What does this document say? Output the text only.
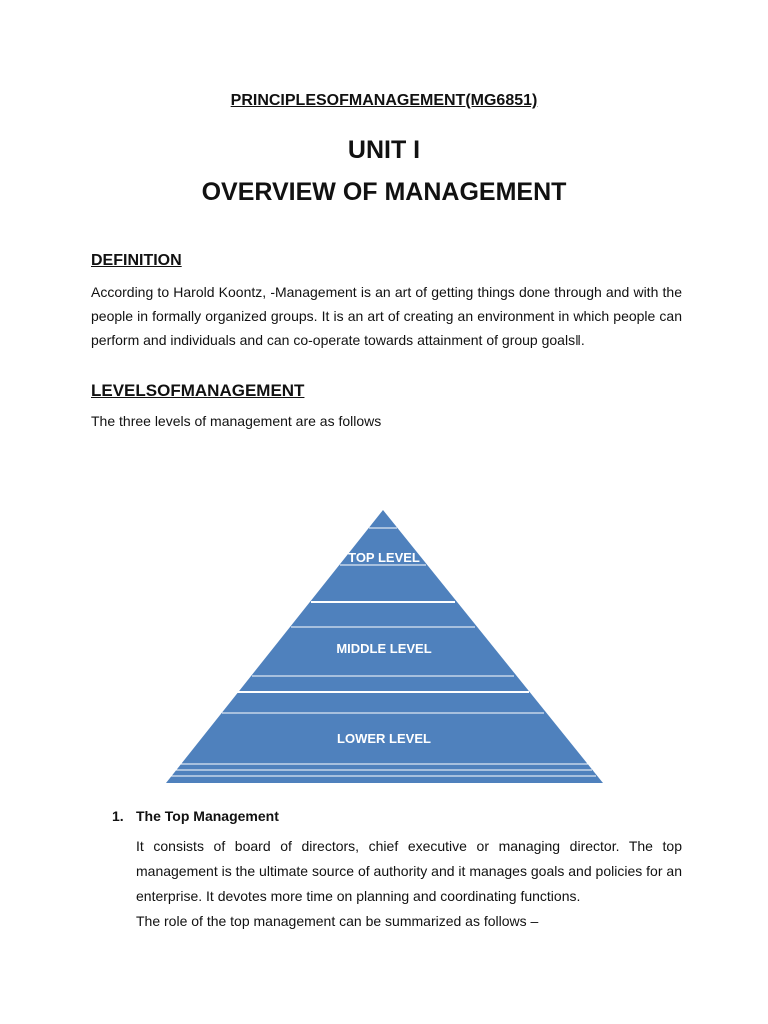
PRINCIPLESOFMANAGEMENT(MG6851)
UNIT I
OVERVIEW OF MANAGEMENT
DEFINITION
According to Harold Koontz, -Management is an art of getting things done through and with the people in formally organized groups. It is an art of creating an environment in which people can perform and individuals and can co-operate towards attainment of group goals‖.
LEVELSOFMANAGEMENT
The three levels of management are as follows
TOP LEVEL
MIDDLE LEVEL
LOWER LEVEL
1. The Top Management
It consists of board of directors, chief executive or managing director. The top management is the ultimate source of authority and it manages goals and policies for an enterprise. It devotes more time on planning and coordinating functions.
The role of the top management can be summarized as follows –
